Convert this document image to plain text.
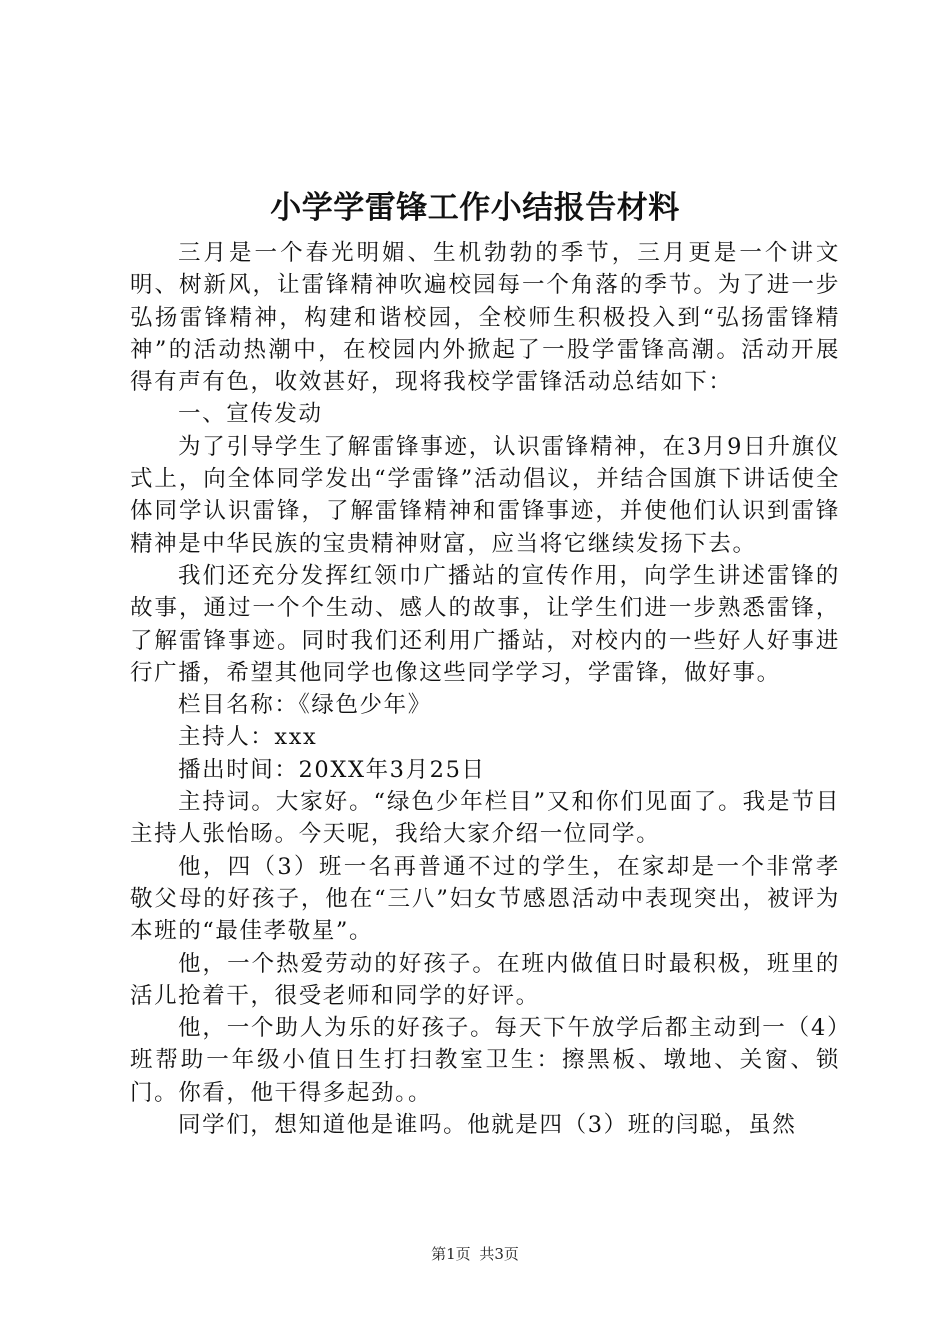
小学学雷锋工作小结报告材料

三月是一个春光明媚、生机勃勃的季节，三月更是一个讲文明、树新风，让雷锋精神吹遍校园每一个角落的季节。为了进一步弘扬雷锋精神，构建和谐校园，全校师生积极投入到“弘扬雷锋精神”的活动热潮中，在校园内外掀起了一股学雷锋高潮。活动开展得有声有色，收效甚好，现将我校学雷锋活动总结如下：

一、宣传发动

为了引导学生了解雷锋事迹，认识雷锋精神，在3月9日升旗仪式上，向全体同学发出“学雷锋”活动倡议，并结合国旗下讲话使全体同学认识雷锋，了解雷锋精神和雷锋事迹，并使他们认识到雷锋精神是中华民族的宝贵精神财富，应当将它继续发扬下去。

我们还充分发挥红领巾广播站的宣传作用，向学生讲述雷锋的故事，通过一个个生动、感人的故事，让学生们进一步熟悉雷锋，了解雷锋事迹。同时我们还利用广播站，对校内的一些好人好事进行广播，希望其他同学也像这些同学学习，学雷锋，做好事。

栏目名称：《绿色少年》

主持人：xxx

播出时间：20XX年3月25日

主持词。大家好。“绿色少年栏目”又和你们见面了。我是节目主持人张怡旸。今天呢，我给大家介绍一位同学。

他，四（3）班一名再普通不过的学生，在家却是一个非常孝敬父母的好孩子，他在“三八”妇女节感恩活动中表现突出，被评为本班的“最佳孝敬星”。

他，一个热爱劳动的好孩子。在班内做值日时最积极，班里的活儿抢着干，很受老师和同学的好评。

他，一个助人为乐的好孩子。每天下午放学后都主动到一（4）班帮助一年级小值日生打扫教室卫生：擦黑板、墩地、关窗、锁门。你看，他干得多起劲。。

同学们，想知道他是谁吗。他就是四（3）班的闫聪，虽然

第1页 共3页
